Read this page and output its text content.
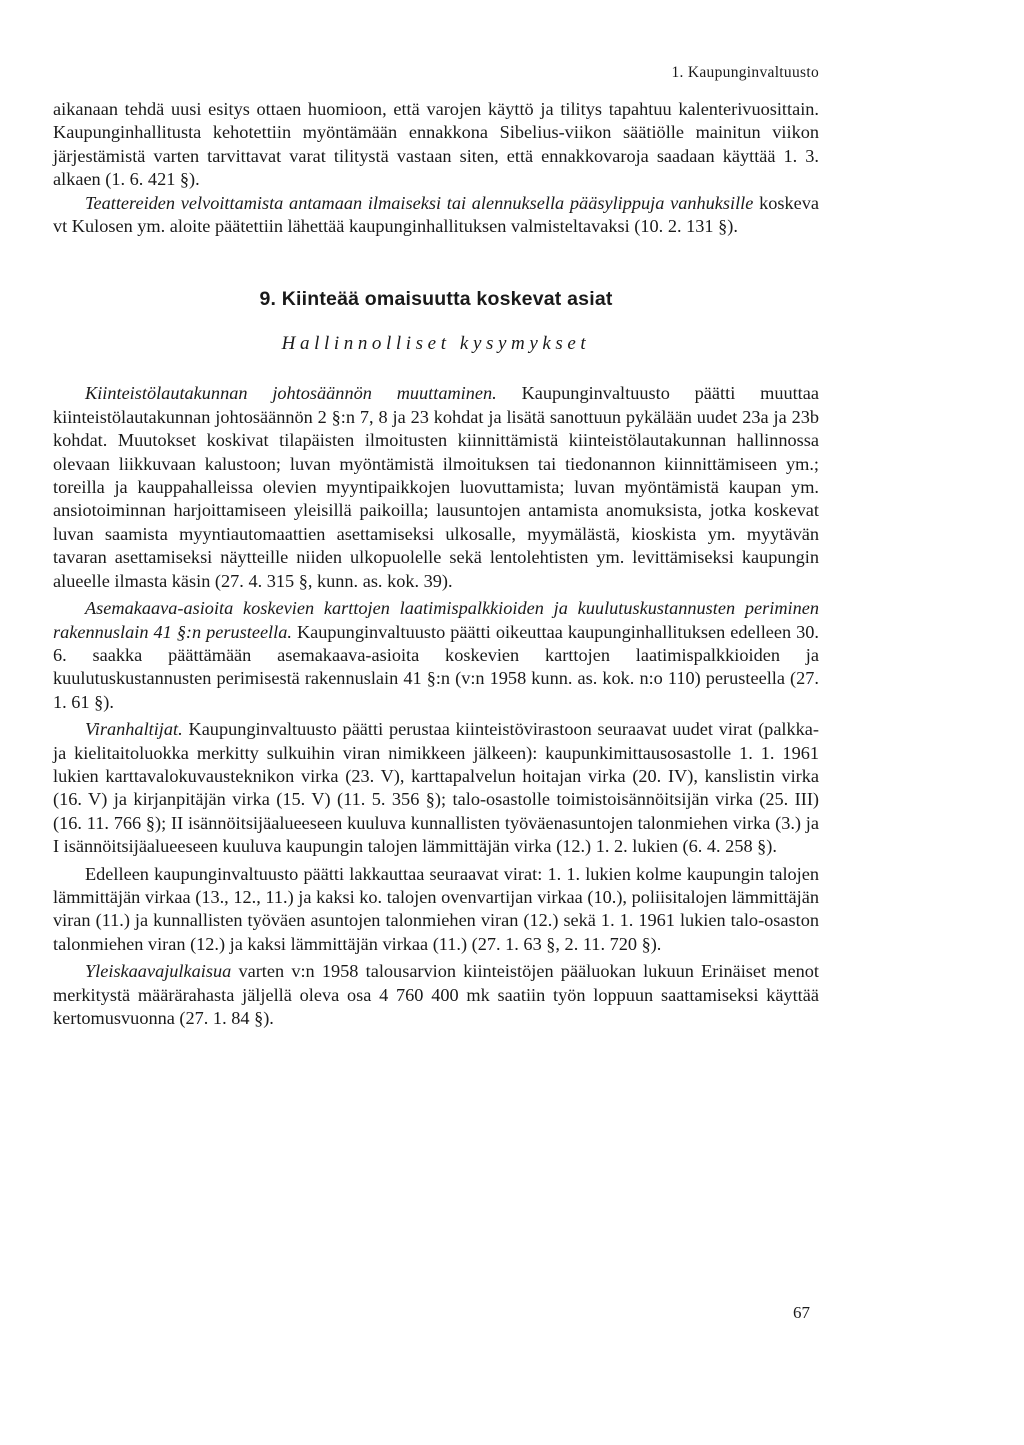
1. Kaupunginvaltuusto

aikanaan tehdä uusi esitys ottaen huomioon, että varojen käyttö ja tilitys tapahtuu kalenterivuosittain. Kaupunginhallitusta kehotettiin myöntämään ennakkona Sibelius-viikon säätiölle mainitun viikon järjestämistä varten tarvittavat varat tilitystä vastaan siten, että ennakkovaroja saadaan käyttää 1. 3. alkaen (1. 6. 421 §).

Teattereiden velvoittamista antamaan ilmaiseksi tai alennuksella pääsylippuja vanhuksille koskeva vt Kulosen ym. aloite päätettiin lähettää kaupunginhallituksen valmisteltavaksi (10. 2. 131 §).

9. Kiinteää omaisuutta koskevat asiat
Hallinnolliset kysymykset

Kiinteistölautakunnan johtosäännön muuttaminen. Kaupunginvaltuusto päätti muuttaa kiinteistölautakunnan johtosäännön 2 §:n 7, 8 ja 23 kohdat ja lisätä sanottuun pykälään uudet 23a ja 23b kohdat. Muutokset koskivat tilapäisten ilmoitusten kiinnittämistä kiinteistölautakunnan hallinnossa olevaan liikkuvaan kalustoon; luvan myöntämistä ilmoituksen tai tiedonannon kiinnittämiseen ym.; toreilla ja kauppahalleissa olevien myyntipaikkojen luovuttamista; luvan myöntämistä kaupan ym. ansiotoiminnan harjoittamiseen yleisillä paikoilla; lausuntojen antamista anomuksista, jotka koskevat luvan saamista myyntiautomaattien asettamiseksi ulkosalle, myymälästä, kioskista ym. myytävän tavaran asettamiseksi näytteille niiden ulkopuolelle sekä lentolehtisten ym. levittämiseksi kaupungin alueelle ilmasta käsin (27. 4. 315 §, kunn. as. kok. 39).

Asemakaava-asioita koskevien karttojen laatimispalkkioiden ja kuulutuskustannusten periminen rakennuslain 41 §:n perusteella. Kaupunginvaltuusto päätti oikeuttaa kaupunginhallituksen edelleen 30. 6. saakka päättämään asemakaava-asioita koskevien karttojen laatimispalkkioiden ja kuulutuskustannusten perimisestä rakennuslain 41 §:n (v:n 1958 kunn. as. kok. n:o 110) perusteella (27. 1. 61 §).

Viranhaltijat. Kaupunginvaltuusto päätti perustaa kiinteistövirastoon seuraavat uudet virat (palkka- ja kielitaitoluokka merkitty sulkuihin viran nimikkeen jälkeen): kaupunkimittausosastolle 1. 1. 1961 lukien karttavalokuvausteknikon virka (23. V), karttapalvelun hoitajan virka (20. IV), kanslistin virka (16. V) ja kirjanpitäjän virka (15. V) (11. 5. 356 §); talo-osastolle toimistoisännöitsijän virka (25. III) (16. 11. 766 §); II isännöitsijäalueeseen kuuluva kunnallisten työväenasuntojen talonmiehen virka (3.) ja I isännöitsijäalueeseen kuuluva kaupungin talojen lämmittäjän virka (12.) 1. 2. lukien (6. 4. 258 §).

Edelleen kaupunginvaltuusto päätti lakkauttaa seuraavat virat: 1. 1. lukien kolme kaupungin talojen lämmittäjän virkaa (13., 12., 11.) ja kaksi ko. talojen ovenvartijan virkaa (10.), poliisitalojen lämmittäjän viran (11.) ja kunnallisten työväen asuntojen talonmiehen viran (12.) sekä 1. 1. 1961 lukien talo-osaston talonmiehen viran (12.) ja kaksi lämmittäjän virkaa (11.) (27. 1. 63 §, 2. 11. 720 §).

Yleiskaavajulkaisua varten v:n 1958 talousarvion kiinteistöjen pääluokan lukuun Erinäiset menot merkitystä määrärahasta jäljellä oleva osa 4 760 400 mk saatiin työn loppuun saattamiseksi käyttää kertomusvuonna (27. 1. 84 §).

67
